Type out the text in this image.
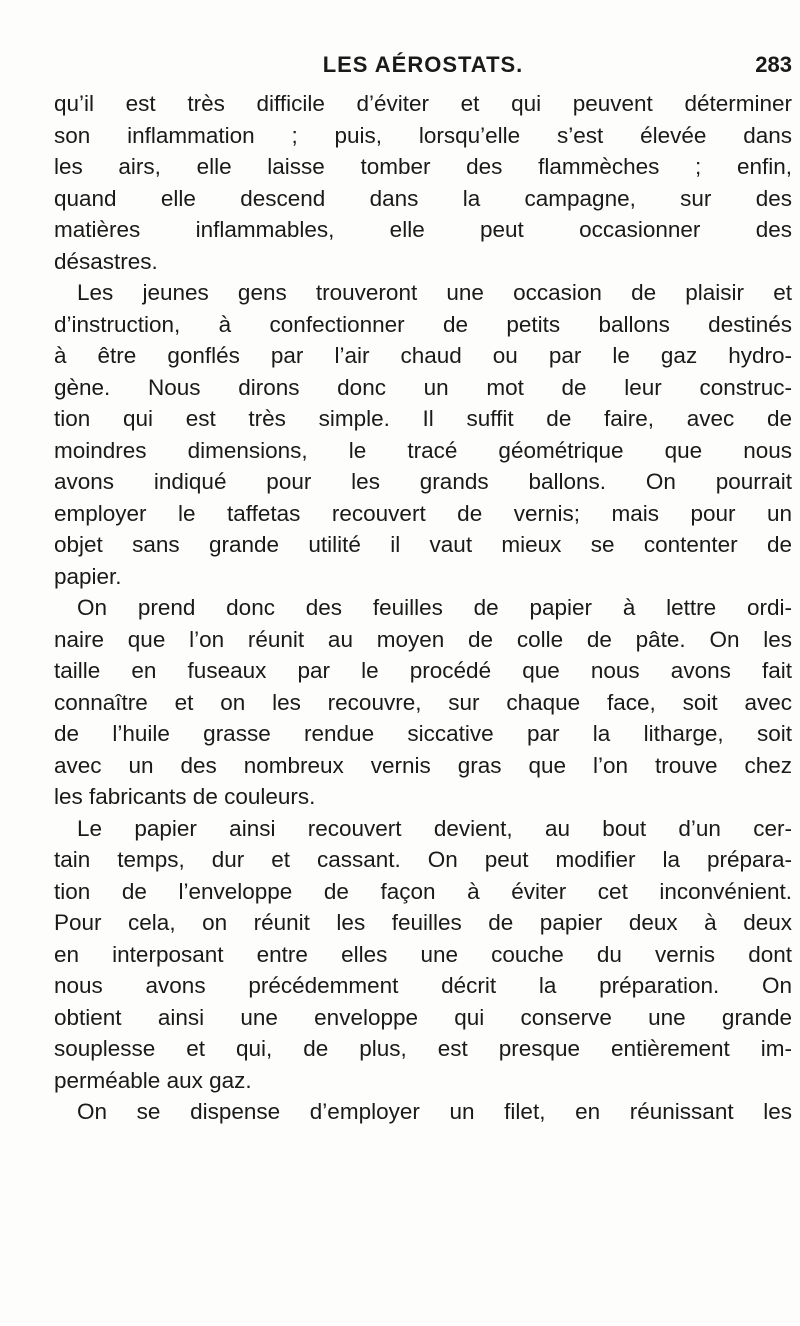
LES AÉROSTATS.	283
qu’il est très difficile d’éviter et qui peuvent déterminer
son inflammation ; puis, lorsqu’elle s’est élevée dans
les airs, elle laisse tomber des flammèches ; enfin,
quand elle descend dans la campagne, sur des
matières inflammables, elle peut occasionner des
désastres.
Les jeunes gens trouveront une occasion de plaisir et
d’instruction, à confectionner de petits ballons destinés
à être gonflés par l’air chaud ou par le gaz hydro-
gène. Nous dirons donc un mot de leur construc-
tion qui est très simple. Il suffit de faire, avec de
moindres dimensions, le tracé géométrique que nous
avons indiqué pour les grands ballons. On pourrait
employer le taffetas recouvert de vernis; mais pour un
objet sans grande utilité il vaut mieux se contenter de
papier.
On prend donc des feuilles de papier à lettre ordi-
naire que l’on réunit au moyen de colle de pâte. On les
taille en fuseaux par le procédé que nous avons fait
connaître et on les recouvre, sur chaque face, soit avec
de l’huile grasse rendue siccative par la litharge, soit
avec un des nombreux vernis gras que l’on trouve chez
les fabricants de couleurs.
Le papier ainsi recouvert devient, au bout d’un cer-
tain temps, dur et cassant. On peut modifier la prépara-
tion de l’enveloppe de façon à éviter cet inconvénient.
Pour cela, on réunit les feuilles de papier deux à deux
en interposant entre elles une couche du vernis dont
nous avons précédemment décrit la préparation. On
obtient ainsi une enveloppe qui conserve une grande
souplesse et qui, de plus, est presque entièrement im-
perméable aux gaz.
On se dispense d’employer un filet, en réunissant les
